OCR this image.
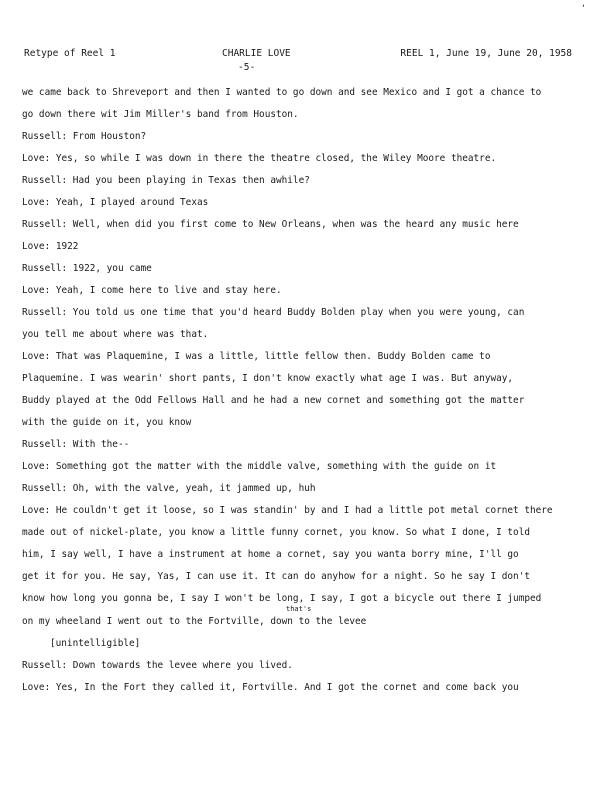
'
Retype of Reel 1	CHARLIE LOVE	REEL 1, June 19, June 20, 1958
-5-
we came back to Shreveport and then I wanted to go down and see Mexico and I got a chance to
go down there wit Jim Miller's band from Houston.
Russell: From Houston?
Love: Yes, so while I was down in there the theatre closed, the Wiley Moore theatre.
Russell: Had you been playing in Texas then awhile?
Love: Yeah, I played around Texas
Russell: Well, when did you first come to New Orleans, when was the heard any music here
Love: 1922
Russell: 1922, you came
Love: Yeah, I come here to live and stay here.
Russell: You told us one time that you'd heard Buddy Bolden play when you were young, can
you tell me about where was that.
Love: That was Plaquemine, I was a little, little fellow then. Buddy Bolden came to
Plaquemine. I was wearin' short pants, I don't know exactly what age I was. But anyway,
Buddy played at the Odd Fellows Hall and he had a new cornet and something got the matter
with the guide on it, you know
Russell: With the--
Love: Something got the matter with the middle valve, something with the guide on it
Russell: Oh, with the valve, yeah, it jammed up, huh
Love: He couldn't get it loose, so I was standin' by and I had a little pot metal cornet there
made out of nickel-plate, you know a little funny cornet, you know. So what I done, I told
him, I say well, I have a instrument at home a cornet, say you wanta borry mine, I'll go
get it for you. He say, Yas, I can use it. It can do anyhow for a night. So he say I don't
know how long you gonna be, I say I won't be long, I say, I got a bicycle out there I jumped
that's
on my wheeland I went out to the Fortville, down to the levee
[unintelligible]
Russell: Down towards the levee where you lived.
Love: Yes, In the Fort they called it, Fortville. And I got the cornet and come back you
